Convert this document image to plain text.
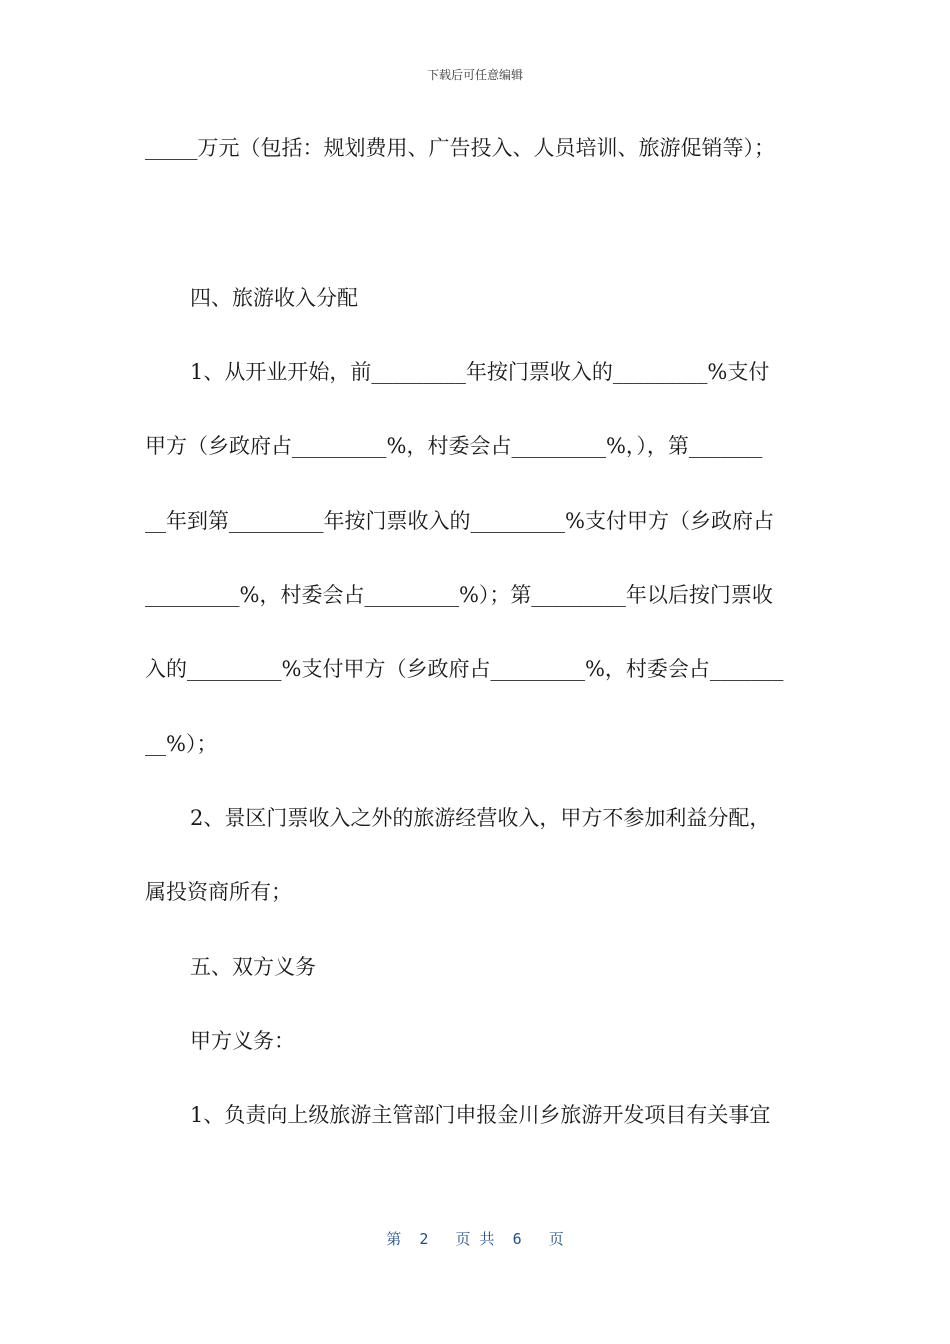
下载后可任意编辑
_____万元（包括：规划费用、广告投入、人员培训、旅游促销等）；
四、旅游收入分配
1、从开业开始，前_________年按门票收入的_________%支付
甲方（乡政府占_________%，村委会占_________%，），第_______
__年到第_________年按门票收入的_________%支付甲方（乡政府占
_________%，村委会占_________%）；第_________年以后按门票收
入的_________%支付甲方（乡政府占_________%，村委会占_______
__%）；
2、景区门票收入之外的旅游经营收入，甲方不参加利益分配，
属投资商所有；
五、双方义务
甲方义务：
1、负责向上级旅游主管部门申报金川乡旅游开发项目有关事宜
第  2   页 共  6   页
